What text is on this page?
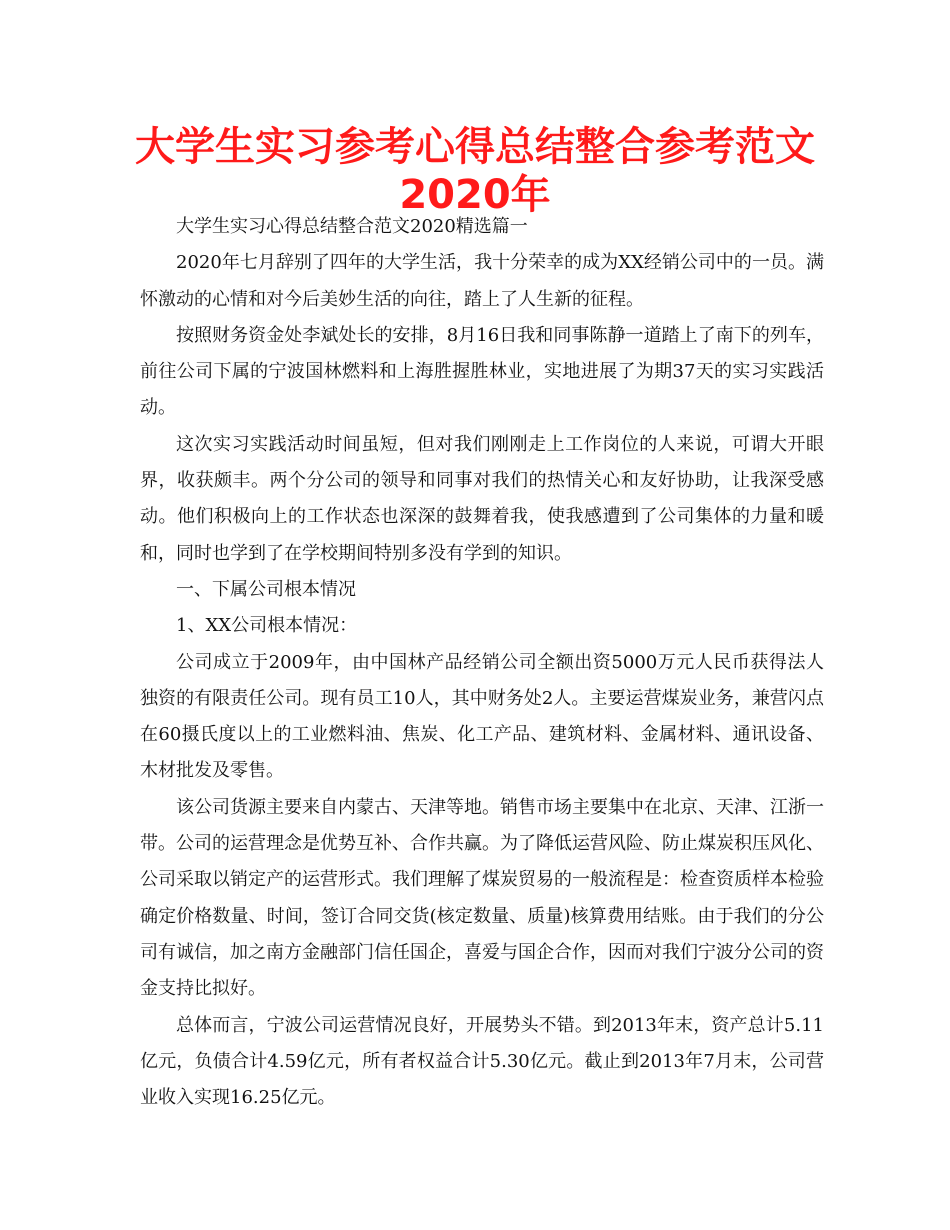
大学生实习参考心得总结整合参考范文
2020年

大学生实习心得总结整合范文2020精选篇一

2020年七月辞别了四年的大学生活，我十分荣幸的成为XX经销公司中的一员。满怀激动的心情和对今后美妙生活的向往，踏上了人生新的征程。

按照财务资金处李斌处长的安排，8月16日我和同事陈静一道踏上了南下的列车，前往公司下属的宁波国林燃料和上海胜握胜林业，实地进展了为期37天的实习实践活动。

这次实习实践活动时间虽短，但对我们刚刚走上工作岗位的人来说，可谓大开眼界，收获颇丰。两个分公司的领导和同事对我们的热情关心和友好协助，让我深受感动。他们积极向上的工作状态也深深的鼓舞着我，使我感遭到了公司集体的力量和暖和，同时也学到了在学校期间特别多没有学到的知识。

一、下属公司根本情况

1、XX公司根本情况：

公司成立于2009年，由中国林产品经销公司全额出资5000万元人民币获得法人独资的有限责任公司。现有员工10人，其中财务处2人。主要运营煤炭业务，兼营闪点在60摄氏度以上的工业燃料油、焦炭、化工产品、建筑材料、金属材料、通讯设备、木材批发及零售。

该公司货源主要来自内蒙古、天津等地。销售市场主要集中在北京、天津、江浙一带。公司的运营理念是优势互补、合作共赢。为了降低运营风险、防止煤炭积压风化、公司采取以销定产的运营形式。我们理解了煤炭贸易的一般流程是：检查资质样本检验确定价格数量、时间，签订合同交货(核定数量、质量)核算费用结账。由于我们的分公司有诚信，加之南方金融部门信任国企，喜爱与国企合作，因而对我们宁波分公司的资金支持比拟好。

总体而言，宁波公司运营情况良好，开展势头不错。到2013年末，资产总计5.11亿元，负债合计4.59亿元，所有者权益合计5.30亿元。截止到2013年7月末，公司营业收入实现16.25亿元。
